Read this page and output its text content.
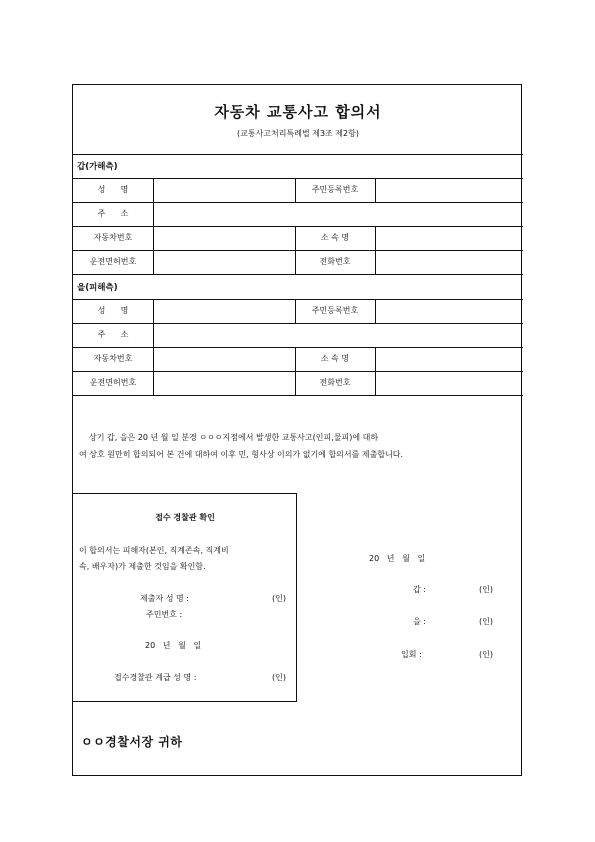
자동차 교통사고 합의서
(교통사고처리특례법 제3조 제2항)
갑(가해측)
성      명	주민등록번호
주      소
자동차번호	소 속 명
운전면허번호	전화번호
을(피해측)
성      명	주민등록번호
주      소
자동차번호	소 속 명
운전면허번호	전화번호
상기 갑, 을은 20 년 월 일 분경 ㅇㅇㅇ지점에서 발생한 교통사고(인피,물피)에 대하
여 상호 원만히 합의되어 본 건에 대하여 이후 민, 형사상 이의가 없기에 합의서를 제출합니다.
접수 경찰관 확인
이 합의서는 피해자(본인, 직계존속, 직계비
속, 배우자)가 제출한 것임을 확인함.
제출자 성 명 :	(인)
주민번호 :
20   년   월   일
접수경찰관 계급 성 명 :	(인)
20   년   월   일
갑 :	(인)
을 :	(인)
입회 :	(인)
ㅇㅇ경찰서장 귀하
